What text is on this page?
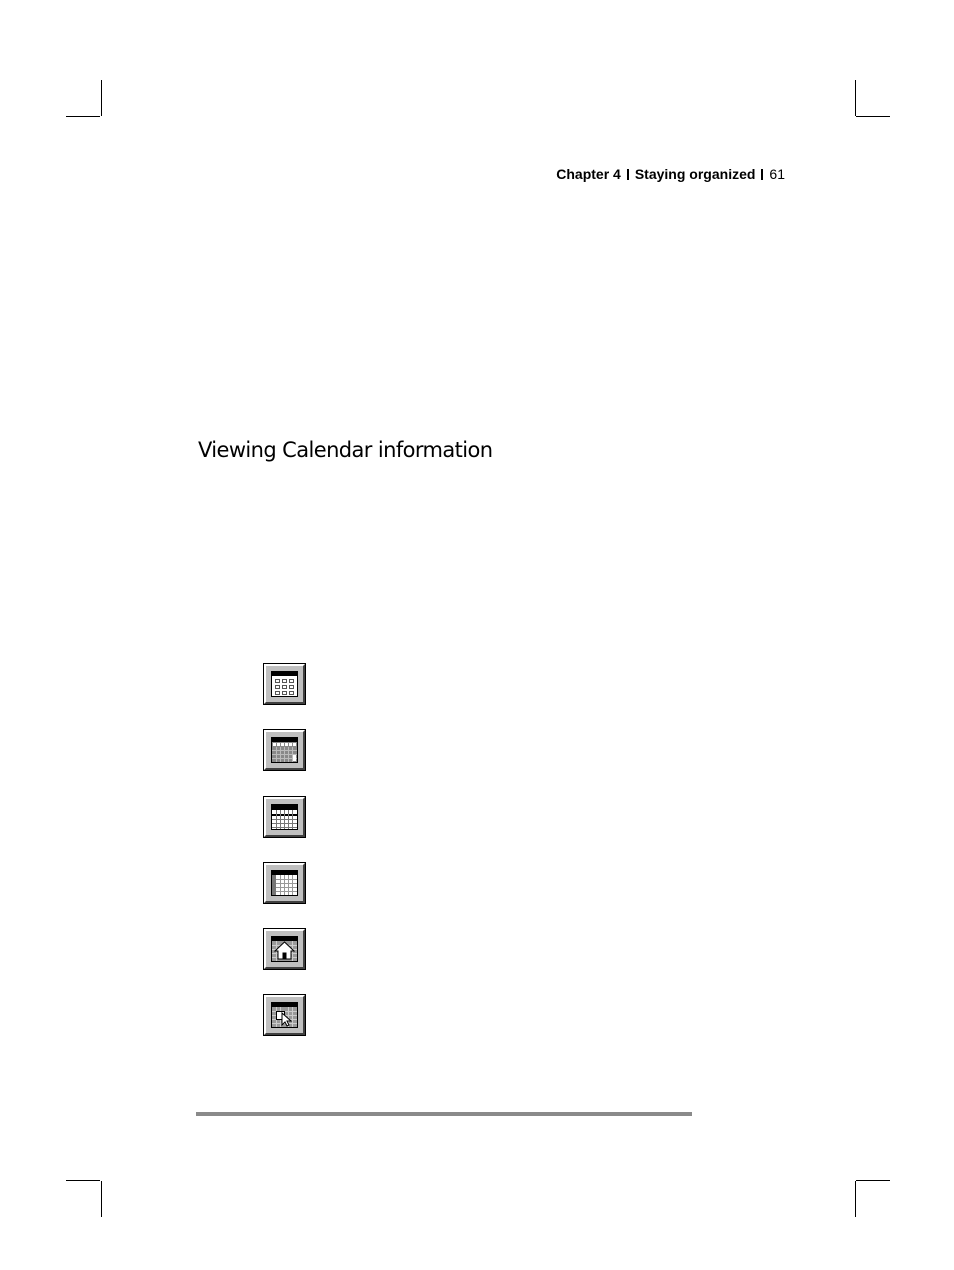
Chapter 4 Staying organized 61
Viewing Calendar information
